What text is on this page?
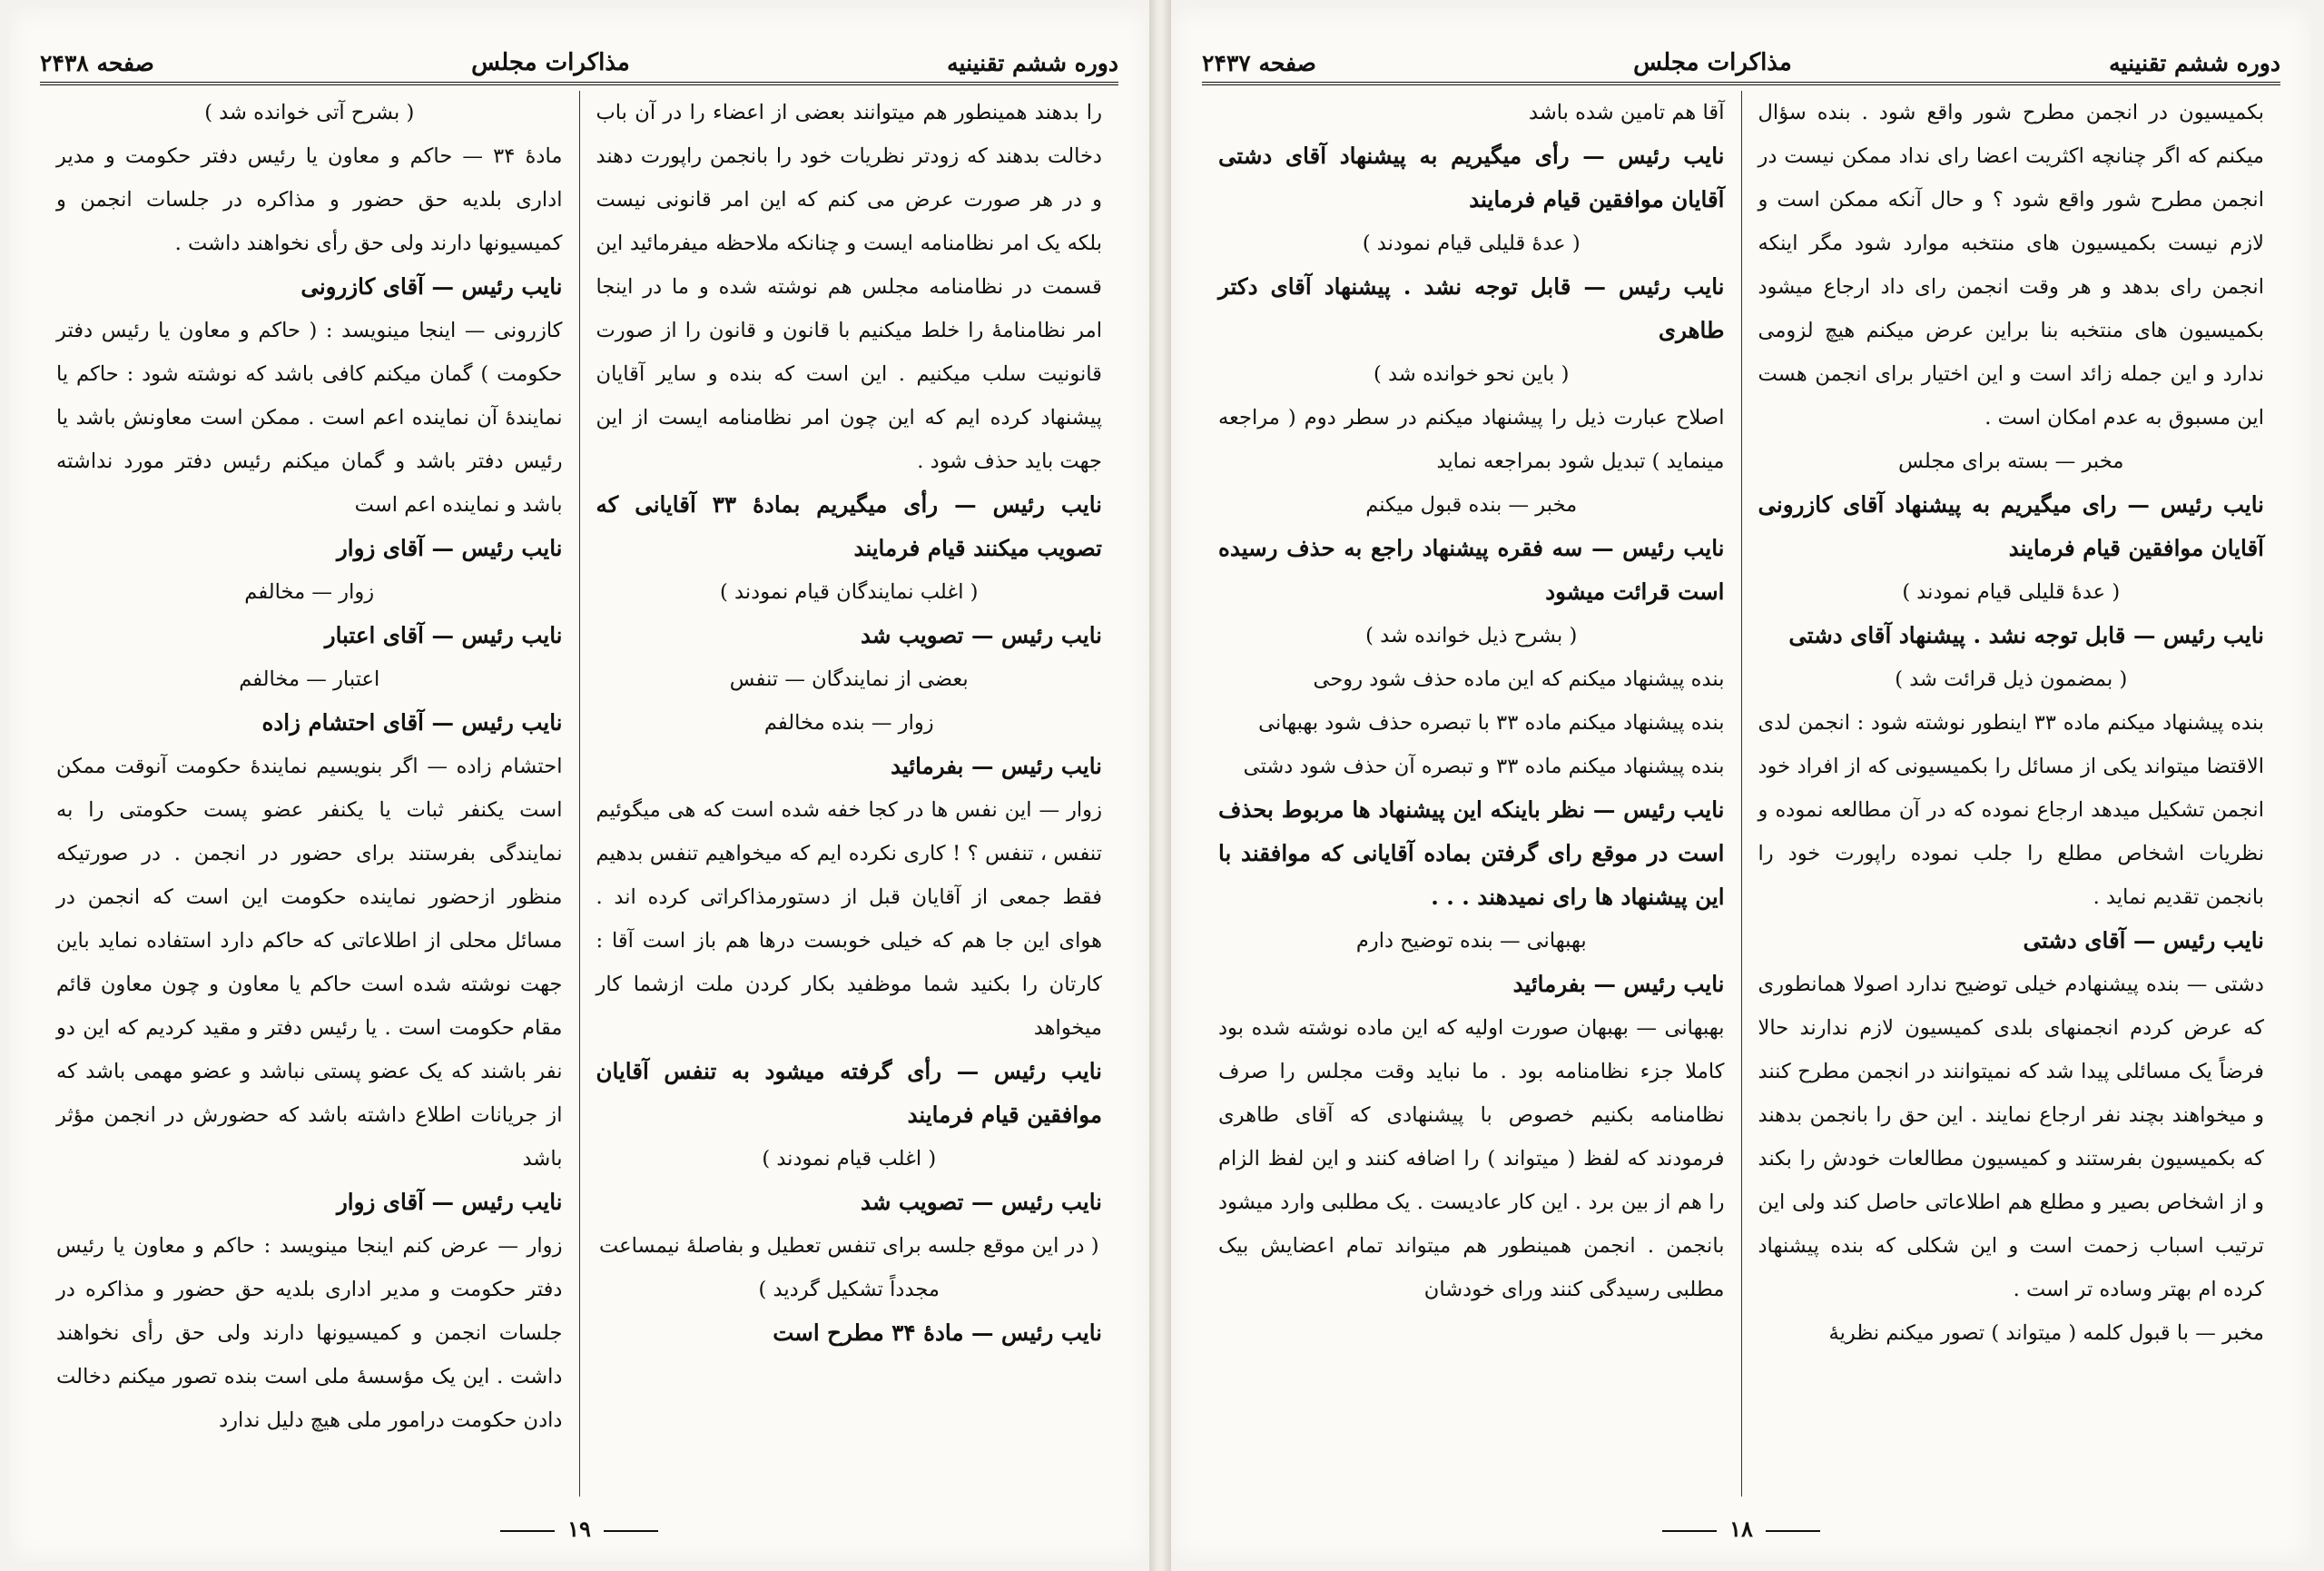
دوره ششم تقنینیه
مذاکرات مجلس
صفحه ۲۴۳۸

را بدهند همینطور هم میتوانند بعضی از اعضاء را در آن باب دخالت بدهند که زودتر نظریات خود را بانجمن راپورت دهند و در هر صورت عرض می کنم که این امر قانونی نیست بلکه یک امر نظامنامه ایست و چنانکه ملاحظه میفرمائید این قسمت در نظامنامه مجلس هم نوشته شده و ما در اینجا امر نظامنامهٔ را خلط میکنیم با قانون و قانون را از صورت قانونیت سلب میکنیم . این است که بنده و سایر آقایان پیشنهاد کرده ایم که این چون امر نظامنامه ایست از این جهت باید حذف شود .

نایب رئیس — رأی میگیریم بمادهٔ ۳۳ آقایانی که تصویب میکنند قیام فرمایند

( اغلب نمایندگان قیام نمودند )

نایب رئیس — تصویب شد

بعضی از نمایندگان — تنفس

زوار — بنده مخالفم

نایب رئیس — بفرمائید

زوار — این نفس ها در کجا خفه شده است که هی میگوئیم تنفس ، تنفس ؟ ! کاری نکرده ایم که میخواهیم تنفس بدهیم فقط جمعی از آقایان قبل از دستورمذاکراتی کرده اند . هوای این جا هم که خیلی خوبست درها هم باز است آقا : کارتان را بکنید شما موظفید بکار کردن ملت ازشما کار میخواهد

نایب رئیس — رأی گرفته میشود به تنفس آقایان موافقین قیام فرمایند

( اغلب قیام نمودند )

نایب رئیس — تصویب شد

( در این موقع جلسه برای تنفس تعطیل و بفاصلهٔ نیمساعت مجدداً تشکیل گردید )

نایب رئیس — مادهٔ ۳۴ مطرح است

( بشرح آتی خوانده شد )

مادهٔ ۳۴ — حاکم و معاون یا رئیس دفتر حکومت و مدیر اداری بلدیه حق حضور و مذاکره در جلسات انجمن و کمیسیونها دارند ولی حق رأی نخواهند داشت .

نایب رئیس — آقای کازرونی

کازرونی — اینجا مینویسد : ( حاکم و معاون یا رئیس دفتر حکومت ) گمان میکنم کافی باشد که نوشته شود : حاکم یا نمایندهٔ آن نماینده اعم است . ممکن است معاونش باشد یا رئیس دفتر باشد و گمان میکنم رئیس دفتر مورد نداشته باشد و نماینده اعم است

نایب رئیس — آقای زوار

زوار — مخالفم

نایب رئیس — آقای اعتبار

اعتبار — مخالفم

نایب رئیس — آقای احتشام زاده

احتشام زاده — اگر بنویسیم نمایندهٔ حکومت آنوقت ممکن است یکنفر ثبات یا یکنفر عضو پست حکومتی را به نمایندگی بفرستند برای حضور در انجمن . در صورتیکه منظور ازحضور نماینده حکومت این است که انجمن در مسائل محلی از اطلاعاتی که حاکم دارد استفاده نماید باین جهت نوشته شده است حاکم یا معاون و چون معاون قائم مقام حکومت است . یا رئیس دفتر و مقید کردیم که این دو نفر باشند که یک عضو پستی نباشد و عضو مهمی باشد که از جریانات اطلاع داشته باشد که حضورش در انجمن مؤثر باشد

نایب رئیس — آقای زوار

زوار — عرض کنم اینجا مینویسد : حاکم و معاون یا رئیس دفتر حکومت و مدیر اداری بلدیه حق حضور و مذاکره در جلسات انجمن و کمیسیونها دارند ولی حق رأی نخواهند داشت . این یک مؤسسهٔ ملی است بنده تصور میکنم دخالت دادن حکومت درامور ملی هیچ دلیل ندارد

۱۹
دوره ششم تقنینیه
مذاکرات مجلس
صفحه ۲۴۳۷

بکمیسیون در انجمن مطرح شور واقع شود . بنده سؤال میکنم که اگر چنانچه اکثریت اعضا رای نداد ممکن نیست در انجمن مطرح شور واقع شود ؟ و حال آنکه ممکن است و لازم نیست بکمیسیون های منتخبه موارد شود مگر اینکه انجمن رای بدهد و هر وقت انجمن رای داد ارجاع میشود بکمیسیون های منتخبه بنا براین عرض میکنم هیچ لزومی ندارد و این جمله زائد است و این اختیار برای انجمن هست این مسبوق به عدم امکان است .

مخبر — بسته برای مجلس

نایب رئیس — رای میگیریم به پیشنهاد آقای کازرونی آقایان موافقین قیام فرمایند

( عدهٔ قلیلی قیام نمودند )

نایب رئیس — قابل توجه نشد . پیشنهاد آقای دشتی

( بمضمون ذیل قرائت شد )

بنده پیشنهاد میکنم ماده ۳۳ اینطور نوشته شود : انجمن لدی الاقتضا میتواند یکی از مسائل را بکمیسیونی که از افراد خود انجمن تشکیل میدهد ارجاع نموده که در آن مطالعه نموده و نظریات اشخاص مطلع را جلب نموده راپورت خود را بانجمن تقدیم نماید .

نایب رئیس — آقای دشتی

دشتی — بنده پیشنهادم خیلی توضیح ندارد اصولا همانطوری که عرض کردم انجمنهای بلدی کمیسیون لازم ندارند حالا فرضاً یک مسائلی پیدا شد که نمیتوانند در انجمن مطرح کنند و میخواهند بچند نفر ارجاع نمایند . این حق را بانجمن بدهند که بکمیسیون بفرستند و کمیسیون مطالعات خودش را بکند و از اشخاص بصیر و مطلع هم اطلاعاتی حاصل کند ولی این ترتیب اسباب زحمت است و این شکلی که بنده پیشنهاد کرده ام بهتر وساده تر است .

مخبر — با قبول کلمه ( میتواند ) تصور میکنم نظریهٔ

آقا هم تامین شده باشد

نایب رئیس — رأی میگیریم به پیشنهاد آقای دشتی آقایان موافقین قیام فرمایند

( عدهٔ قلیلی قیام نمودند )

نایب رئیس — قابل توجه نشد . پیشنهاد آقای دکتر طاهری

( باین نحو خوانده شد )

اصلاح عبارت ذیل را پیشنهاد میکنم در سطر دوم ( مراجعه مینماید ) تبدیل شود بمراجعه نماید

مخبر — بنده قبول میکنم

نایب رئیس — سه فقره پیشنهاد راجع به حذف رسیده است قرائت میشود

( بشرح ذیل خوانده شد )

بنده پیشنهاد میکنم که این ماده حذف شود روحی

بنده پیشنهاد میکنم ماده ۳۳ با تبصره حذف شود بهبهانی

بنده پیشنهاد میکنم ماده ۳۳ و تبصره آن حذف شود دشتی

نایب رئیس — نظر باینکه این پیشنهاد ها مربوط بحذف است در موقع رای گرفتن بماده آقایانی که موافقند با این پیشنهاد ها رای نمیدهند . . .

بهبهانی — بنده توضیح دارم

نایب رئیس — بفرمائید

بهبهانی — بهبهان صورت اولیه که این ماده نوشته شده بود کاملا جزء نظامنامه بود . ما نباید وقت مجلس را صرف نظامنامه بکنیم خصوص با پیشنهادی که آقای طاهری فرمودند که لفظ ( میتواند ) را اضافه کنند و این لفظ الزام را هم از بین برد . این کار عادیست . یک مطلبی وارد میشود بانجمن . انجمن همینطور هم میتواند تمام اعضایش بیک مطلبی رسیدگی کنند ورای خودشان

۱۸
